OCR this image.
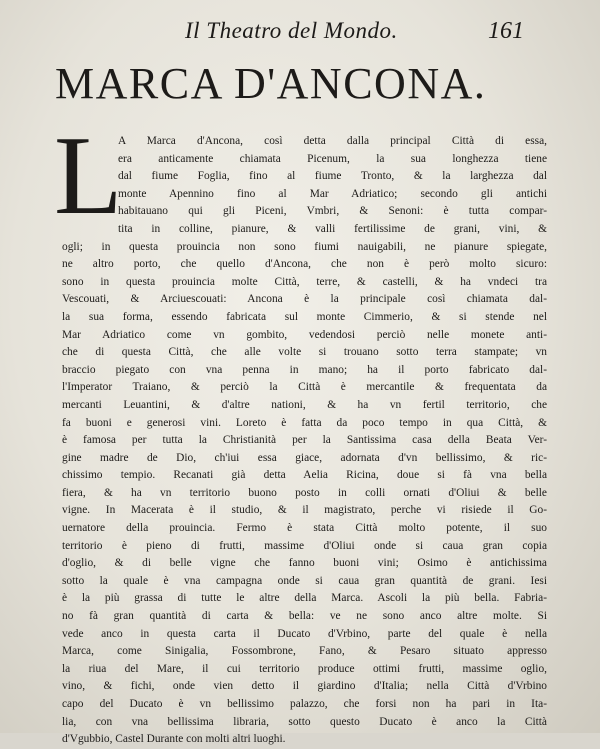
Il Theatro del Mondo.	161
MARCA D'ANCONA.
L
A Marca d'Ancona, così detta dalla principal Città di essa,
era anticamente chiamata Picenum, la sua longhezza tiene
dal fiume Foglia, fino al fiume Tronto, & la larghezza dal
monte Apennino fino al Mar Adriatico; secondo gli antichi
habitauano qui gli Piceni, Vmbri, & Senoni: è tutta compar-
tita in colline, pianure, & valli fertilissime de grani, vini, &
ogli; in questa prouincia non sono fiumi nauigabili, ne pianure spiegate,
ne altro porto, che quello d'Ancona, che non è però molto sicuro:
sono in questa prouincia molte Città, terre, & castelli, & ha vndeci tra
Vescouati, & Arciuescouati: Ancona è la principale così chiamata dal-
la sua forma, essendo fabricata sul monte Cimmerio, & si stende nel
Mar Adriatico come vn gombito, vedendosi perciò nelle monete anti-
che di questa Città, che alle volte si trouano sotto terra stampate; vn
braccio piegato con vna penna in mano; ha il porto fabricato dal-
l'Imperator Traiano, & perciò la Città è mercantile & frequentata da
mercanti Leuantini, & d'altre nationi, & ha vn fertil territorio, che
fa buoni e generosi vini. Loreto è fatta da poco tempo in qua Città, &
è famosa per tutta la Christianità per la Santissima casa della Beata Ver-
gine madre de Dio, ch'iui essa giace, adornata d'vn bellissimo, & ric-
chissimo tempio. Recanati già detta Aelia Ricina, doue si fà vna bella
fiera, & ha vn territorio buono posto in colli ornati d'Oliui & belle
vigne. In Macerata è il studio, & il magistrato, perche vi risiede il Go-
uernatore della prouincia. Fermo è stata Città molto potente, il suo
territorio è pieno di frutti, massime d'Oliui onde si caua gran copia
d'oglio, & di belle vigne che fanno buoni vini; Osimo è antichissima
sotto la quale è vna campagna onde si caua gran quantità de grani. Iesi
è la più grassa di tutte le altre della Marca. Ascoli la più bella. Fabria-
no fà gran quantità di carta & bella: ve ne sono anco altre molte. Si
vede anco in questa carta il Ducato d'Vrbino, parte del quale è nella
Marca, come Sinigalia, Fossombrone, Fano, & Pesaro situato appresso
la riua del Mare, il cui territorio produce ottimi frutti, massime oglio,
vino, & fichi, onde vien detto il giardino d'Italia; nella Città d'Vrbino
capo del Ducato è vn bellissimo palazzo, che forsi non ha pari in Ita-
lia, con vna bellissima libraria, sotto questo Ducato è anco la Città
d'Vgubbio, Castel Durante con molti altri luoghi.
